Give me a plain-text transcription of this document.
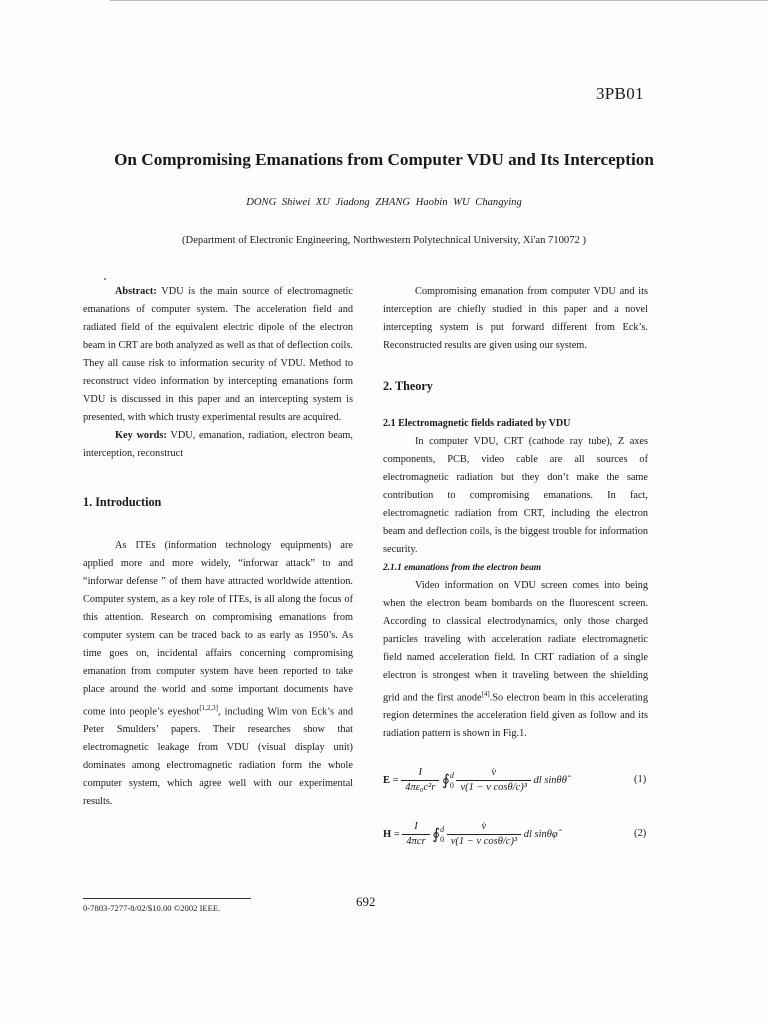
3PB01
On Compromising Emanations from Computer VDU and Its Interception
DONG Shiwei XU Jiadong ZHANG Haobin WU Changying
(Department of Electronic Engineering, Northwestern Polytechnical University, Xi'an 710072 )

Abstract: VDU is the main source of electromagnetic emanations of computer system. The acceleration field and radiated field of the equivalent electric dipole of the electron beam in CRT are both analyzed as well as that of deflection coils. They all cause risk to information security of VDU. Method to reconstruct video information by intercepting emanations form VDU is discussed in this paper and an intercepting system is presented, with which trusty experimental results are acquired.

Key words: VDU, emanation, radiation, electron beam, interception, reconstruct

1. Introduction

As ITEs (information technology equipments) are applied more and more widely, “inforwar attack” to and “inforwar defense ” of them have attracted worldwide attention. Computer system, as a key role of ITEs, is all along the focus of this attention. Research on compromising emanations from computer system can be traced back to as early as 1950’s. As time goes on, incidental affairs concerning compromising emanation from computer system have been reported to take place around the world and some important documents have come into people’s eyeshot[1,2,3], including Wim von Eck’s and Peter Smulders’ papers. Their researches show that electromagnetic leakage from VDU (visual display unit) dominates among electromagnetic radiation form the whole computer system, which agree well with our experimental results.

Compromising emanation from computer VDU and its interception are chiefly studied in this paper and a novel intercepting system is put forward different from Eck’s. Reconstructed results are given using our system.

2. Theory

2.1 Electromagnetic fields radiated by VDU

In computer VDU, CRT (cathode ray tube), Z axes components, PCB, video cable are all sources of electromagnetic radiation but they don’t make the same contribution to compromising emanations. In fact, electromagnetic radiation from CRT, including the electron beam and deflection coils, is the biggest trouble for information security.

2.1.1 emanations from the electron beam

Video information on VDU screen comes into being when the electron beam bombards on the fluorescent screen. According to classical electrodynamics, only those charged particles traveling with acceleration radiate electromagnetic field named acceleration field. In CRT radiation of a single electron is strongest when it traveling between the shielding grid and the first anode[4].So electron beam in this accelerating region determines the acceleration field given as follow and its radiation pattern is shown in Fig.1.

$E = \frac{I}{\text{4πε₀c²r}}$ ∮d
$0 \frac{v̇}{\text{v(1 − v cosθ/c)³}}$ dl sinθθ̂	(1)
$H = \frac{I}{\text{4πcr}}$ ∮d
$0 \frac{v̇}{\text{v(1 − v cosθ/c)³}}$ dl sinθφ̂	(2)
0-7803-7277-8/02/$10.00 ©2002 IEEE.	692
